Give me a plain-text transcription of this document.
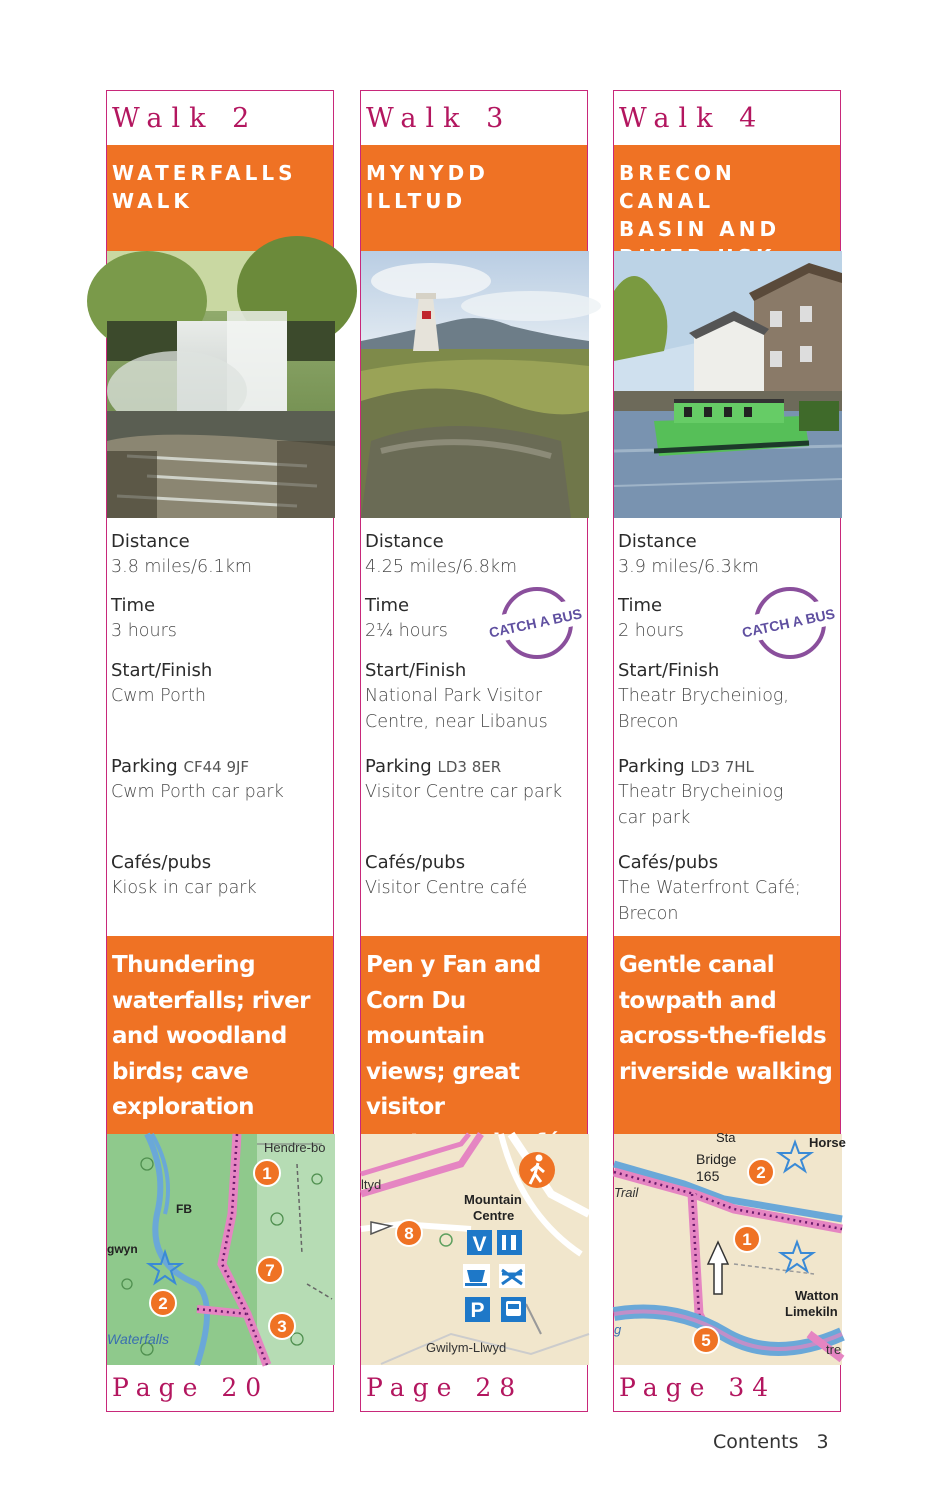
Walk 2
WATERFALLS
WALK
Distance
3.8 miles/6.1km
Time
3 hours
Start/Finish
Cwm Porth
Parking CF44 9JF
Cwm Porth car park
Cafés/pubs
Kiosk in car park
Thundering
waterfalls; river
and woodland
birds; cave
exploration
Hendre-bo
FB
gwyn
Waterfalls
1
7
2
3
Page 20
Walk 3
MYNYDD
ILLTUD
Distance
4.25 miles/6.8km
Time
2¼ hours
Start/Finish
National Park Visitor
Centre, near Libanus
Parking LD3 8ER
Visitor Centre car park
Cafés/pubs
Visitor Centre café
CATCH A BUS
Pen y Fan and
Corn Du mountain
views; great visitor

ltyd
Mountain
Centre
Gwilym-Llwyd
8	V
P
Page 28
Walk 4
BRECON CANAL
BASIN AND

Distance
3.9 miles/6.3km
Time
2 hours
Start/Finish
Theatr Brycheiniog,
Brecon
Parking LD3 7HL
Theatr Brycheiniog
car park
Cafés/pubs
The Waterfront Café;
Brecon
CATCH A BUS
Gentle canal
towpath and
across-the-fields
riverside walking
Sta
Bridge
165
Trail
Horse
Watton
Limekiln
g
tre
2
1
5
Page 34
Contents 3
